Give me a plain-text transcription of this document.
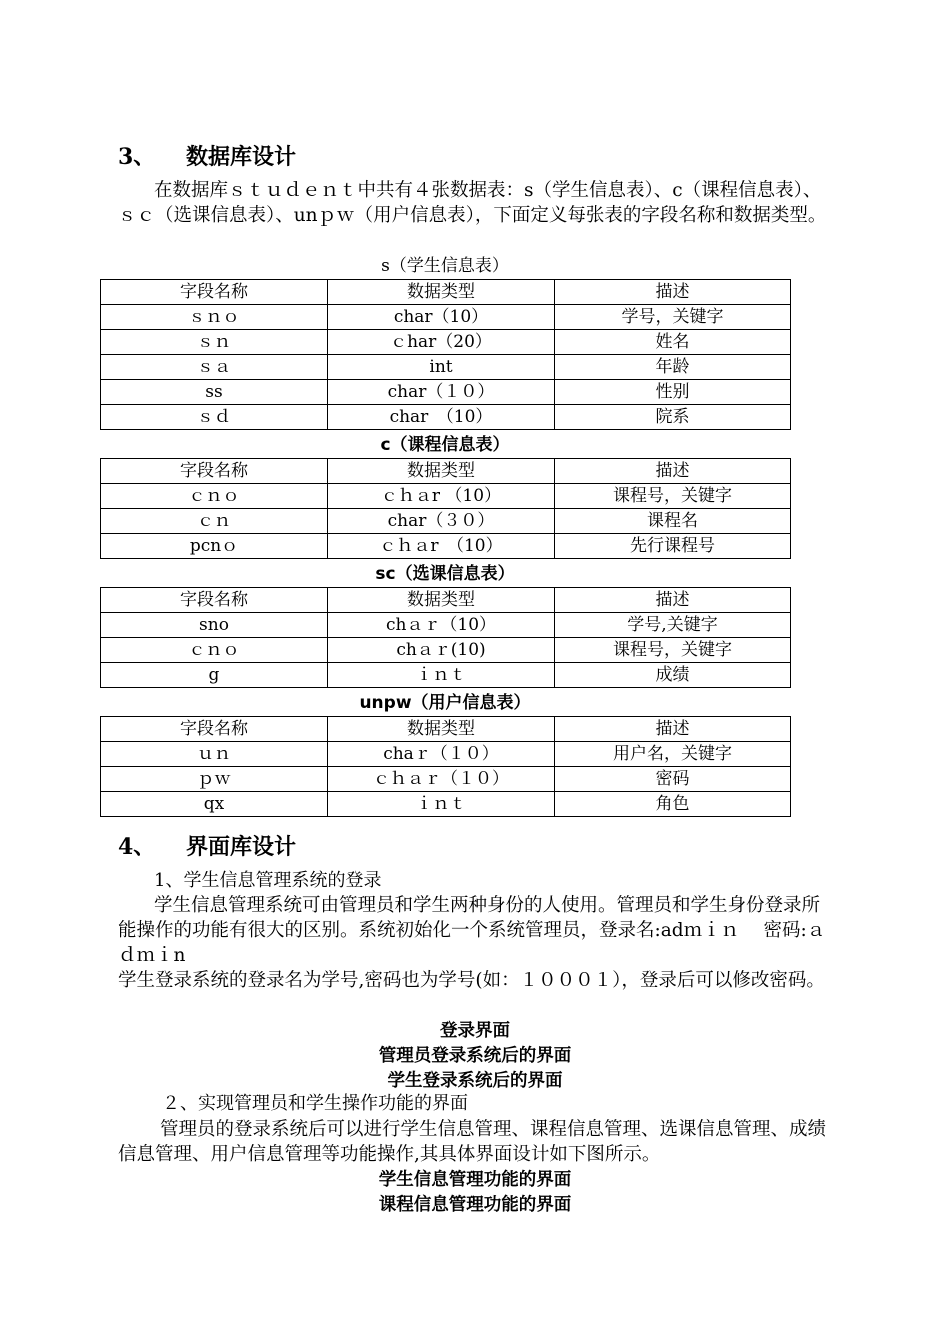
3、 数据库设计
在数据库ｓｔｕｄｅｎｔ中共有４张数据表：s（学生信息表）、c（课程信息表）、ｓｃ（选课信息表）、unｐｗ（用户信息表），下面定义每张表的字段名称和数据类型。
s（学生信息表）
字段名称	数据类型	描述
ｓｎｏ	char（10）	学号，关键字
ｓｎ	ｃhar（20）	姓名
ｓａ	int	年龄
ss	char（１０）	性别
ｓｄ	char　（10）	院系
c（课程信息表）
字段名称	数据类型	描述
ｃｎｏ	ｃｈａr （10）	课程号，关键字
ｃｎ	char（３０）	课程名
pcnｏ	ｃｈａr　（10）	先行课程号
sc（选课信息表）
字段名称	数据类型	描述
sno	chａｒ（10）	学号,关键字
ｃｎｏ	chａｒ(10)	课程号，关键字
g	ｉｎｔ	成绩
unpw（用户信息表）
字段名称	数据类型	描述
ｕｎ	chaｒ（１０）	用户名，关键字
ｐｗ	ｃｈａｒ（１０）	密码
qx	ｉｎｔ	角色
4、 界面库设计
1、学生信息管理系统的登录
学生信息管理系统可由管理员和学生两种身份的人使用。管理员和学生身份登录所能操作的功能有很大的区别。系统初始化一个系统管理员，登录名:adｍｉｎ　 密码:ａｄｍｉn
学生登录系统的登录名为学号,密码也为学号(如：１０００１），登录后可以修改密码。
登录界面
管理员登录系统后的界面
学生登录系统后的界面
２、实现管理员和学生操作功能的界面
管理员的登录系统后可以进行学生信息管理、课程信息管理、选课信息管理、成绩信息管理、用户信息管理等功能操作,其具体界面设计如下图所示。
学生信息管理功能的界面
课程信息管理功能的界面
